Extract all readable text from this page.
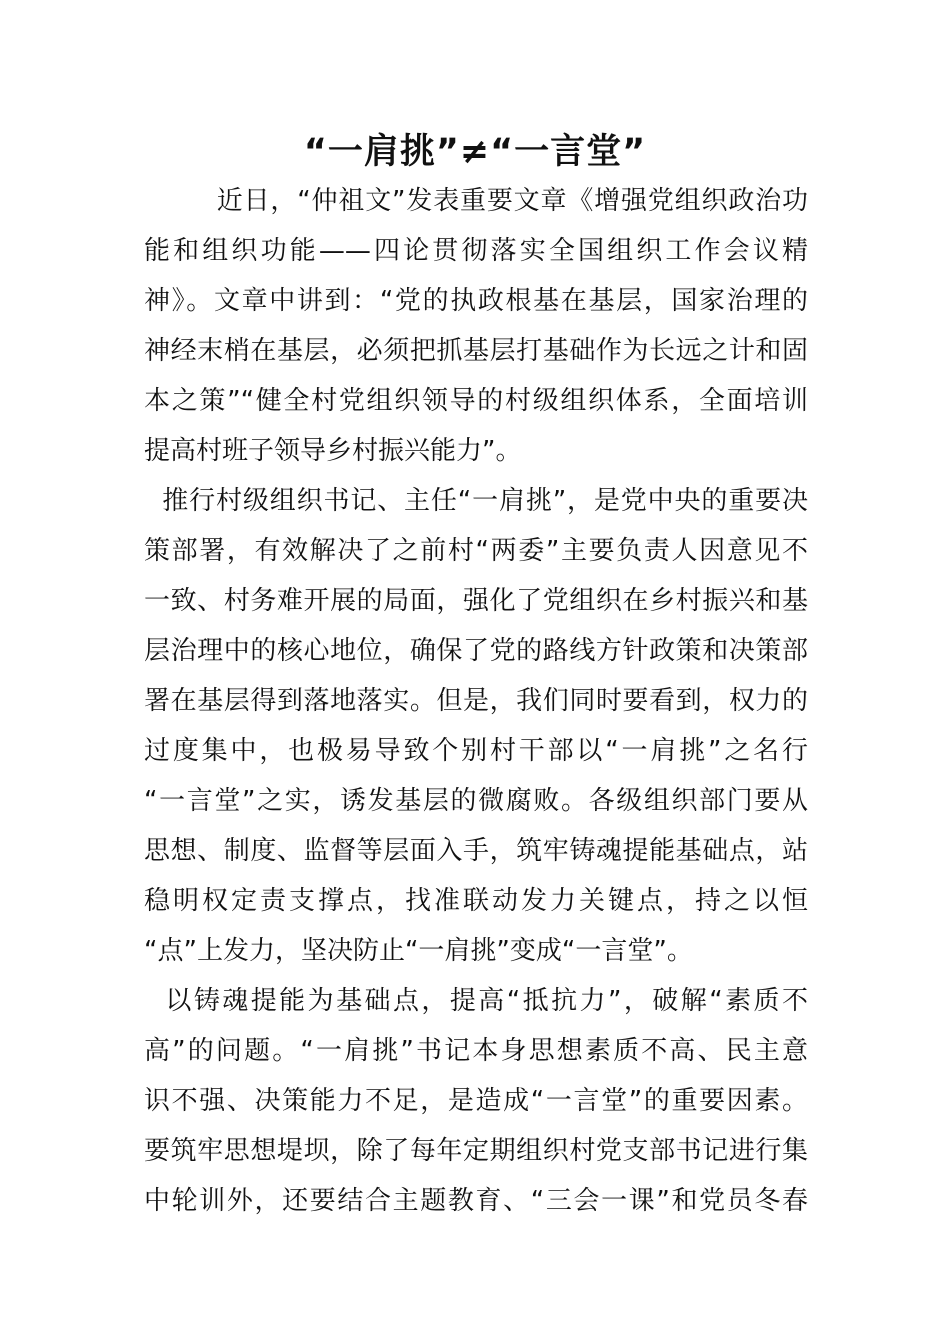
“一肩挑”≠“一言堂”
近日，“仲祖文”发表重要文章《增强党组织政治功
能和组织功能——四论贯彻落实全国组织工作会议精
神》。文章中讲到：“党的执政根基在基层，国家治理的
神经末梢在基层，必须把抓基层打基础作为长远之计和固
本之策”“健全村党组织领导的村级组织体系，全面培训
提高村班子领导乡村振兴能力”。
推行村级组织书记、主任“一肩挑”，是党中央的重要决
策部署，有效解决了之前村“两委”主要负责人因意见不
一致、村务难开展的局面，强化了党组织在乡村振兴和基
层治理中的核心地位，确保了党的路线方针政策和决策部
署在基层得到落地落实。但是，我们同时要看到，权力的
过度集中，也极易导致个别村干部以“一肩挑”之名行
“一言堂”之实，诱发基层的微腐败。各级组织部门要从
思想、制度、监督等层面入手，筑牢铸魂提能基础点，站
稳明权定责支撑点，找准联动发力关键点，持之以恒
“点”上发力，坚决防止“一肩挑”变成“一言堂”。
以铸魂提能为基础点，提高“抵抗力”，破解“素质不
高”的问题。“一肩挑”书记本身思想素质不高、民主意
识不强、决策能力不足，是造成“一言堂”的重要因素。
要筑牢思想堤坝，除了每年定期组织村党支部书记进行集
中轮训外，还要结合主题教育、“三会一课”和党员冬春
